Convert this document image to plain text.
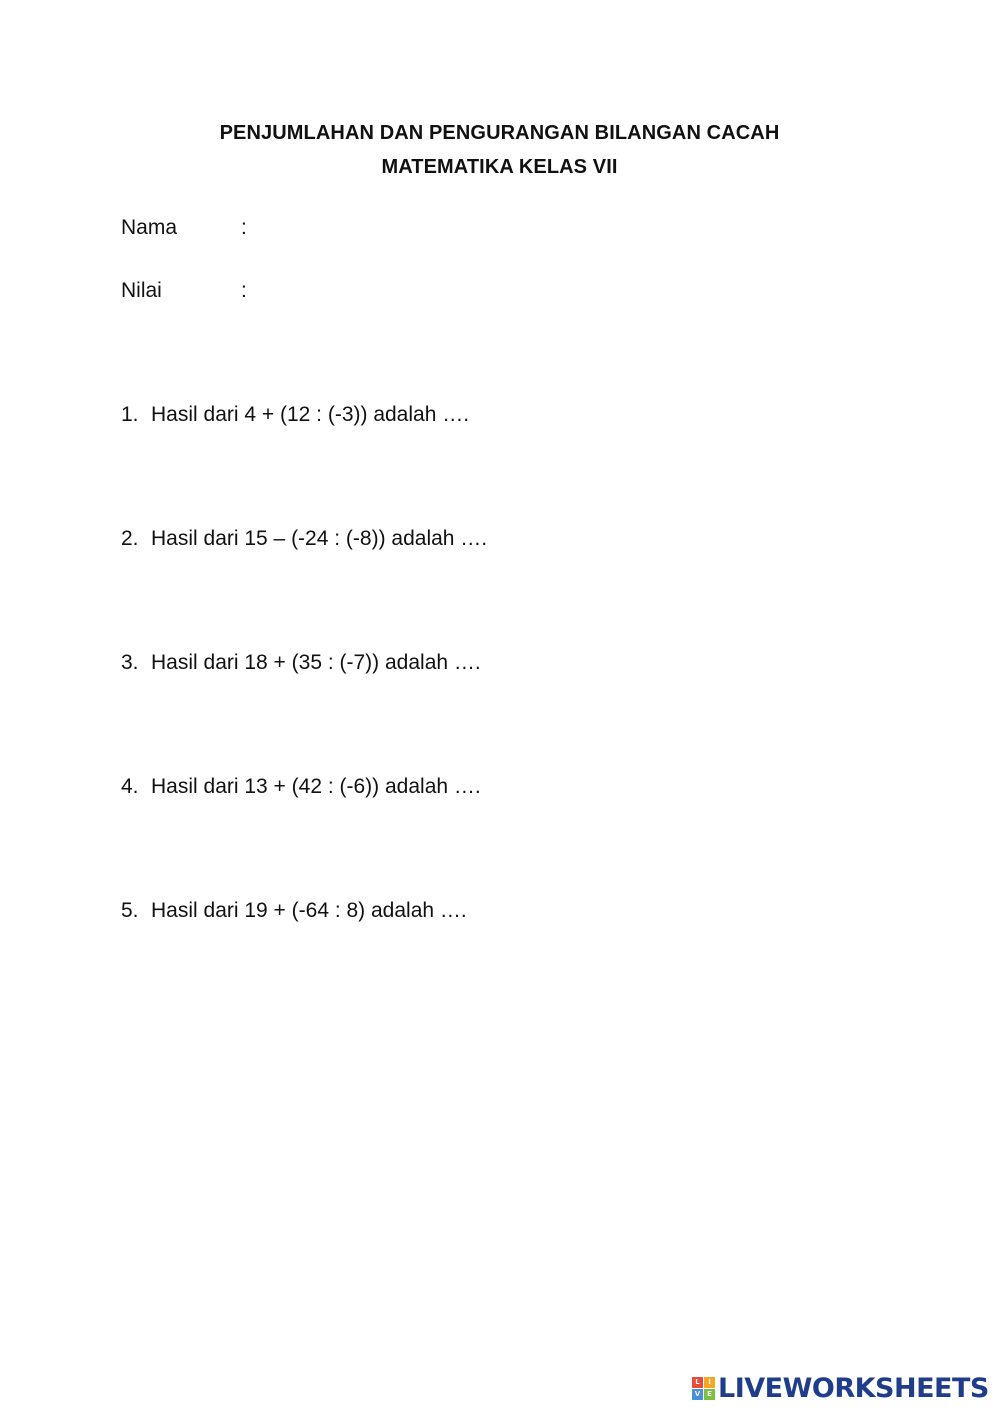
PENJUMLAHAN DAN PENGURANGAN BILANGAN CACAH
MATEMATIKA KELAS VII
Nama	:
Nilai	:
1. Hasil dari 4 + (12 : (-3)) adalah ….
2. Hasil dari 15 – (-24 : (-8)) adalah ….
3. Hasil dari 18 + (35 : (-7)) adalah ….
4. Hasil dari 13 + (42 : (-6)) adalah ….
5. Hasil dari 19 + (-64 : 8) adalah ….
L	I
V E LIVEWORKSHEETS
